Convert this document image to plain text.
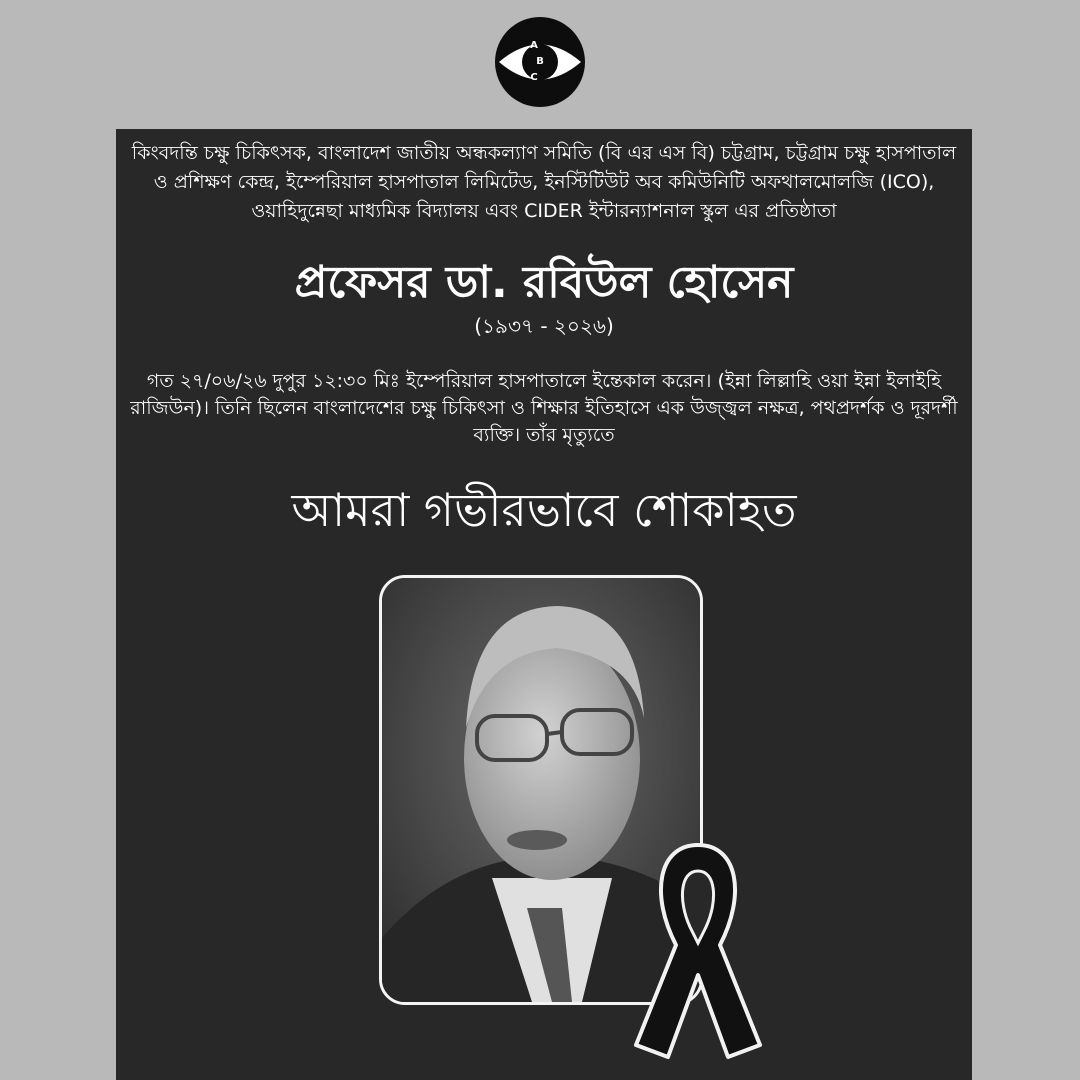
A
B
C
কিংবদন্তি চক্ষু চিকিৎসক, বাংলাদেশ জাতীয় অন্ধকল্যাণ সমিতি (বি এর এস বি) চট্টগ্রাম, চট্টগ্রাম চক্ষু হাসপাতাল ও প্রশিক্ষণ কেন্দ্র, ইম্পেরিয়াল হাসপাতাল লিমিটেড, ইনস্টিটিউট অব কমিউনিটি অফথালমোলজি (ICO), ওয়াহিদুন্নেছা মাধ্যমিক বিদ্যালয় এবং CIDER ইন্টারন্যাশনাল স্কুল এর প্রতিষ্ঠাতা
প্রফেসর ডা. রবিউল হোসেন
(১৯৩৭ - ২০২৬)
গত ২৭/০৬/২৬ দুপুর ১২:৩০ মিঃ ইম্পেরিয়াল হাসপাতালে ইন্তেকাল করেন। (ইন্না লিল্লাহি ওয়া ইন্না ইলাইহি রাজিউন)। তিনি ছিলেন বাংলাদেশের চক্ষু চিকিৎসা ও শিক্ষার ইতিহাসে এক উজ্জ্বল নক্ষত্র, পথপ্রদর্শক ও দূরদর্শী ব্যক্তি। তাঁর মৃত্যুতে
আমরা গভীরভাবে শোকাহত
